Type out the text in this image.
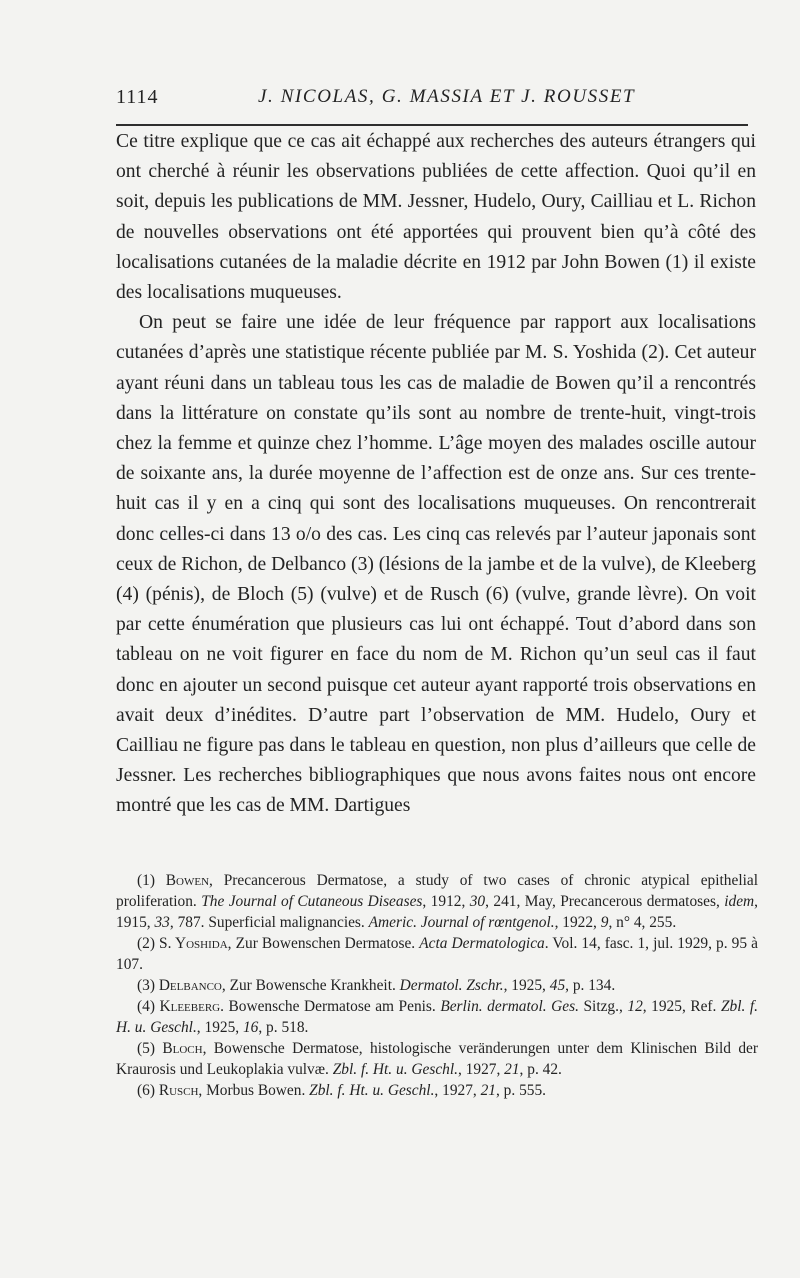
1114	J. NICOLAS, G. MASSIA ET J. ROUSSET

Ce titre explique que ce cas ait échappé aux recherches des auteurs étrangers qui ont cherché à réunir les observations publiées de cette affection. Quoi qu’il en soit, depuis les publications de MM. Jessner, Hudelo, Oury, Cailliau et L. Richon de nouvelles observations ont été apportées qui prouvent bien qu’à côté des localisations cutanées de la maladie décrite en 1912 par John Bowen (1) il existe des localisations muqueuses.

On peut se faire une idée de leur fréquence par rapport aux localisations cutanées d’après une statistique récente publiée par M. S. Yoshida (2). Cet auteur ayant réuni dans un tableau tous les cas de maladie de Bowen qu’il a rencontrés dans la littérature on constate qu’ils sont au nombre de trente-huit, vingt-trois chez la femme et quinze chez l’homme. L’âge moyen des malades oscille autour de soixante ans, la durée moyenne de l’affection est de onze ans. Sur ces trente-huit cas il y en a cinq qui sont des localisations muqueuses. On rencontrerait donc celles-ci dans 13 o/o des cas. Les cinq cas relevés par l’auteur japonais sont ceux de Richon, de Delbanco (3) (lésions de la jambe et de la vulve), de Kleeberg (4) (pénis), de Bloch (5) (vulve) et de Rusch (6) (vulve, grande lèvre). On voit par cette énumération que plusieurs cas lui ont échappé. Tout d’abord dans son tableau on ne voit figurer en face du nom de M. Richon qu’un seul cas il faut donc en ajouter un second puisque cet auteur ayant rapporté trois observations en avait deux d’inédites. D’autre part l’observation de MM. Hudelo, Oury et Cailliau ne figure pas dans le tableau en question, non plus d’ailleurs que celle de Jessner. Les recherches bibliographiques que nous avons faites nous ont encore montré que les cas de MM. Dartigues

(1) Bowen, Precancerous Dermatose, a study of two cases of chronic atypical epithelial proliferation. The Journal of Cutaneous Diseases, 1912, 30, 241, May, Precancerous dermatoses, idem, 1915, 33, 787. Superficial malignancies. Americ. Journal of rœntgenol., 1922, 9, n° 4, 255.

(2) S. Yoshida, Zur Bowenschen Dermatose. Acta Dermatologica. Vol. 14, fasc. 1, jul. 1929, p. 95 à 107.

(3) Delbanco, Zur Bowensche Krankheit. Dermatol. Zschr., 1925, 45, p. 134.

(4) Kleeberg. Bowensche Dermatose am Penis. Berlin. dermatol. Ges. Sitzg., 12, 1925, Ref. Zbl. f. H. u. Geschl., 1925, 16, p. 518.

(5) Bloch, Bowensche Dermatose, histologische veränderungen unter dem Klinischen Bild der Kraurosis und Leukoplakia vulvæ. Zbl. f. Ht. u. Geschl., 1927, 21, p. 42.

(6) Rusch, Morbus Bowen. Zbl. f. Ht. u. Geschl., 1927, 21, p. 555.
